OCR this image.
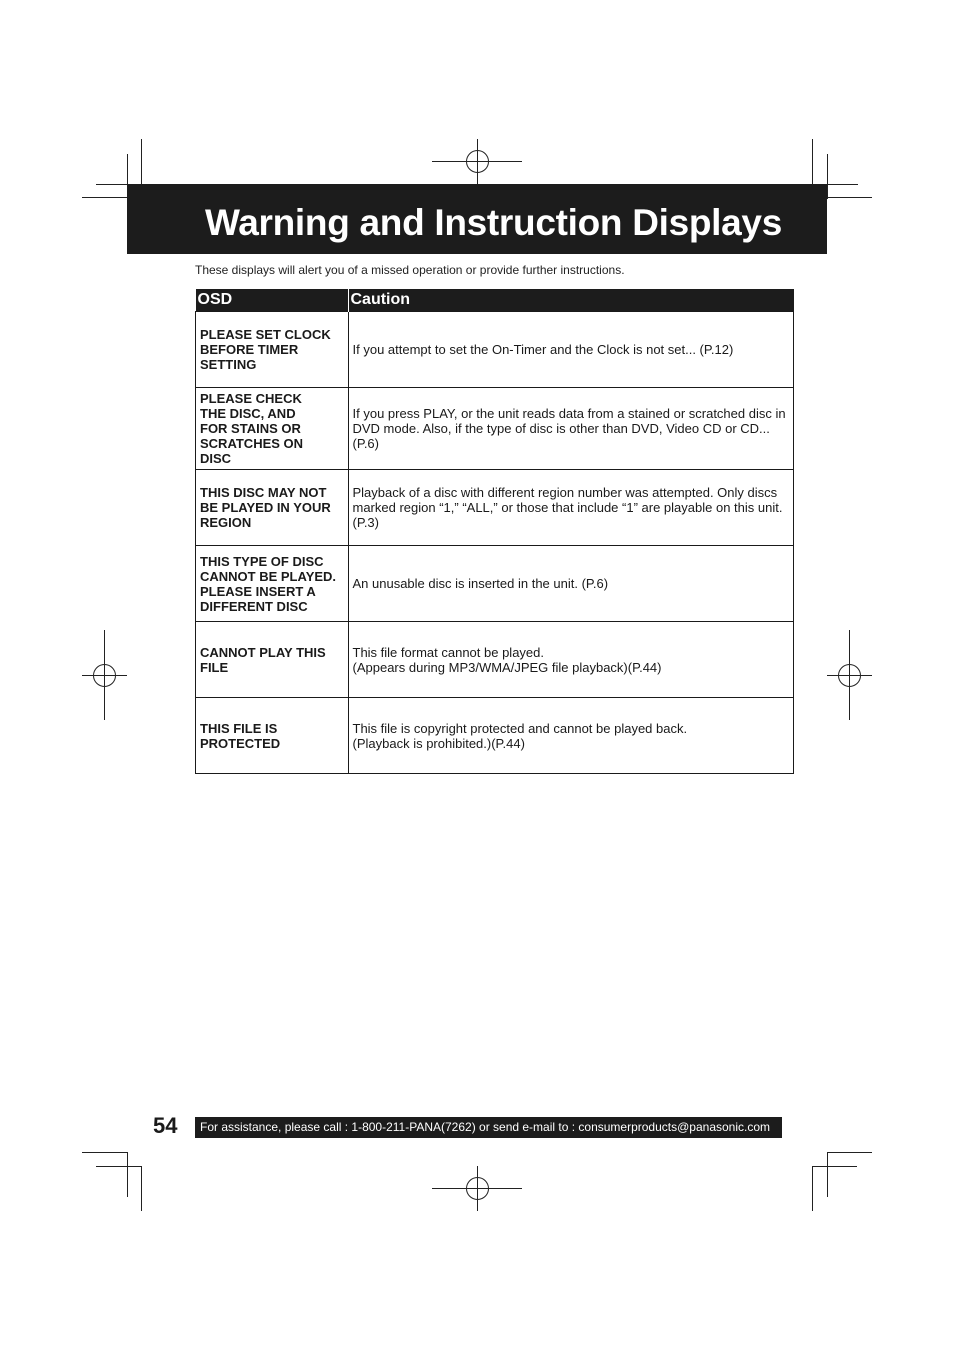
Warning and Instruction Displays
These displays will alert you of a missed operation or provide further instructions.
OSD	Caution

PLEASE SET CLOCK
BEFORE TIMER
SETTING	If you attempt to set the On-Timer and the Clock is not set... (P.12)

PLEASE CHECK
THE DISC, AND
FOR STAINS OR
SCRATCHES ON
DISC	If you press PLAY, or the unit reads data from a stained or scratched disc in DVD mode. Also, if the type of disc is other than DVD, Video CD or CD... (P.6)

THIS DISC MAY NOT
BE PLAYED IN YOUR
REGION	Playback of a disc with different region number was attempted. Only discs marked region “1,” “ALL,” or those that include “1” are playable on this unit. (P.3)

THIS TYPE OF DISC
CANNOT BE PLAYED.
PLEASE INSERT A
DIFFERENT DISC	An unusable disc is inserted in the unit. (P.6)

CANNOT PLAY THIS
FILE	This file format cannot be played.
(Appears during MP3/WMA/JPEG file playback)(P.44)

THIS FILE IS
PROTECTED	This file is copyright protected and cannot be played back.
(Playback is prohibited.)(P.44)
54	For assistance, please call : 1-800-211-PANA(7262) or send e-mail to : consumerproducts@panasonic.com
